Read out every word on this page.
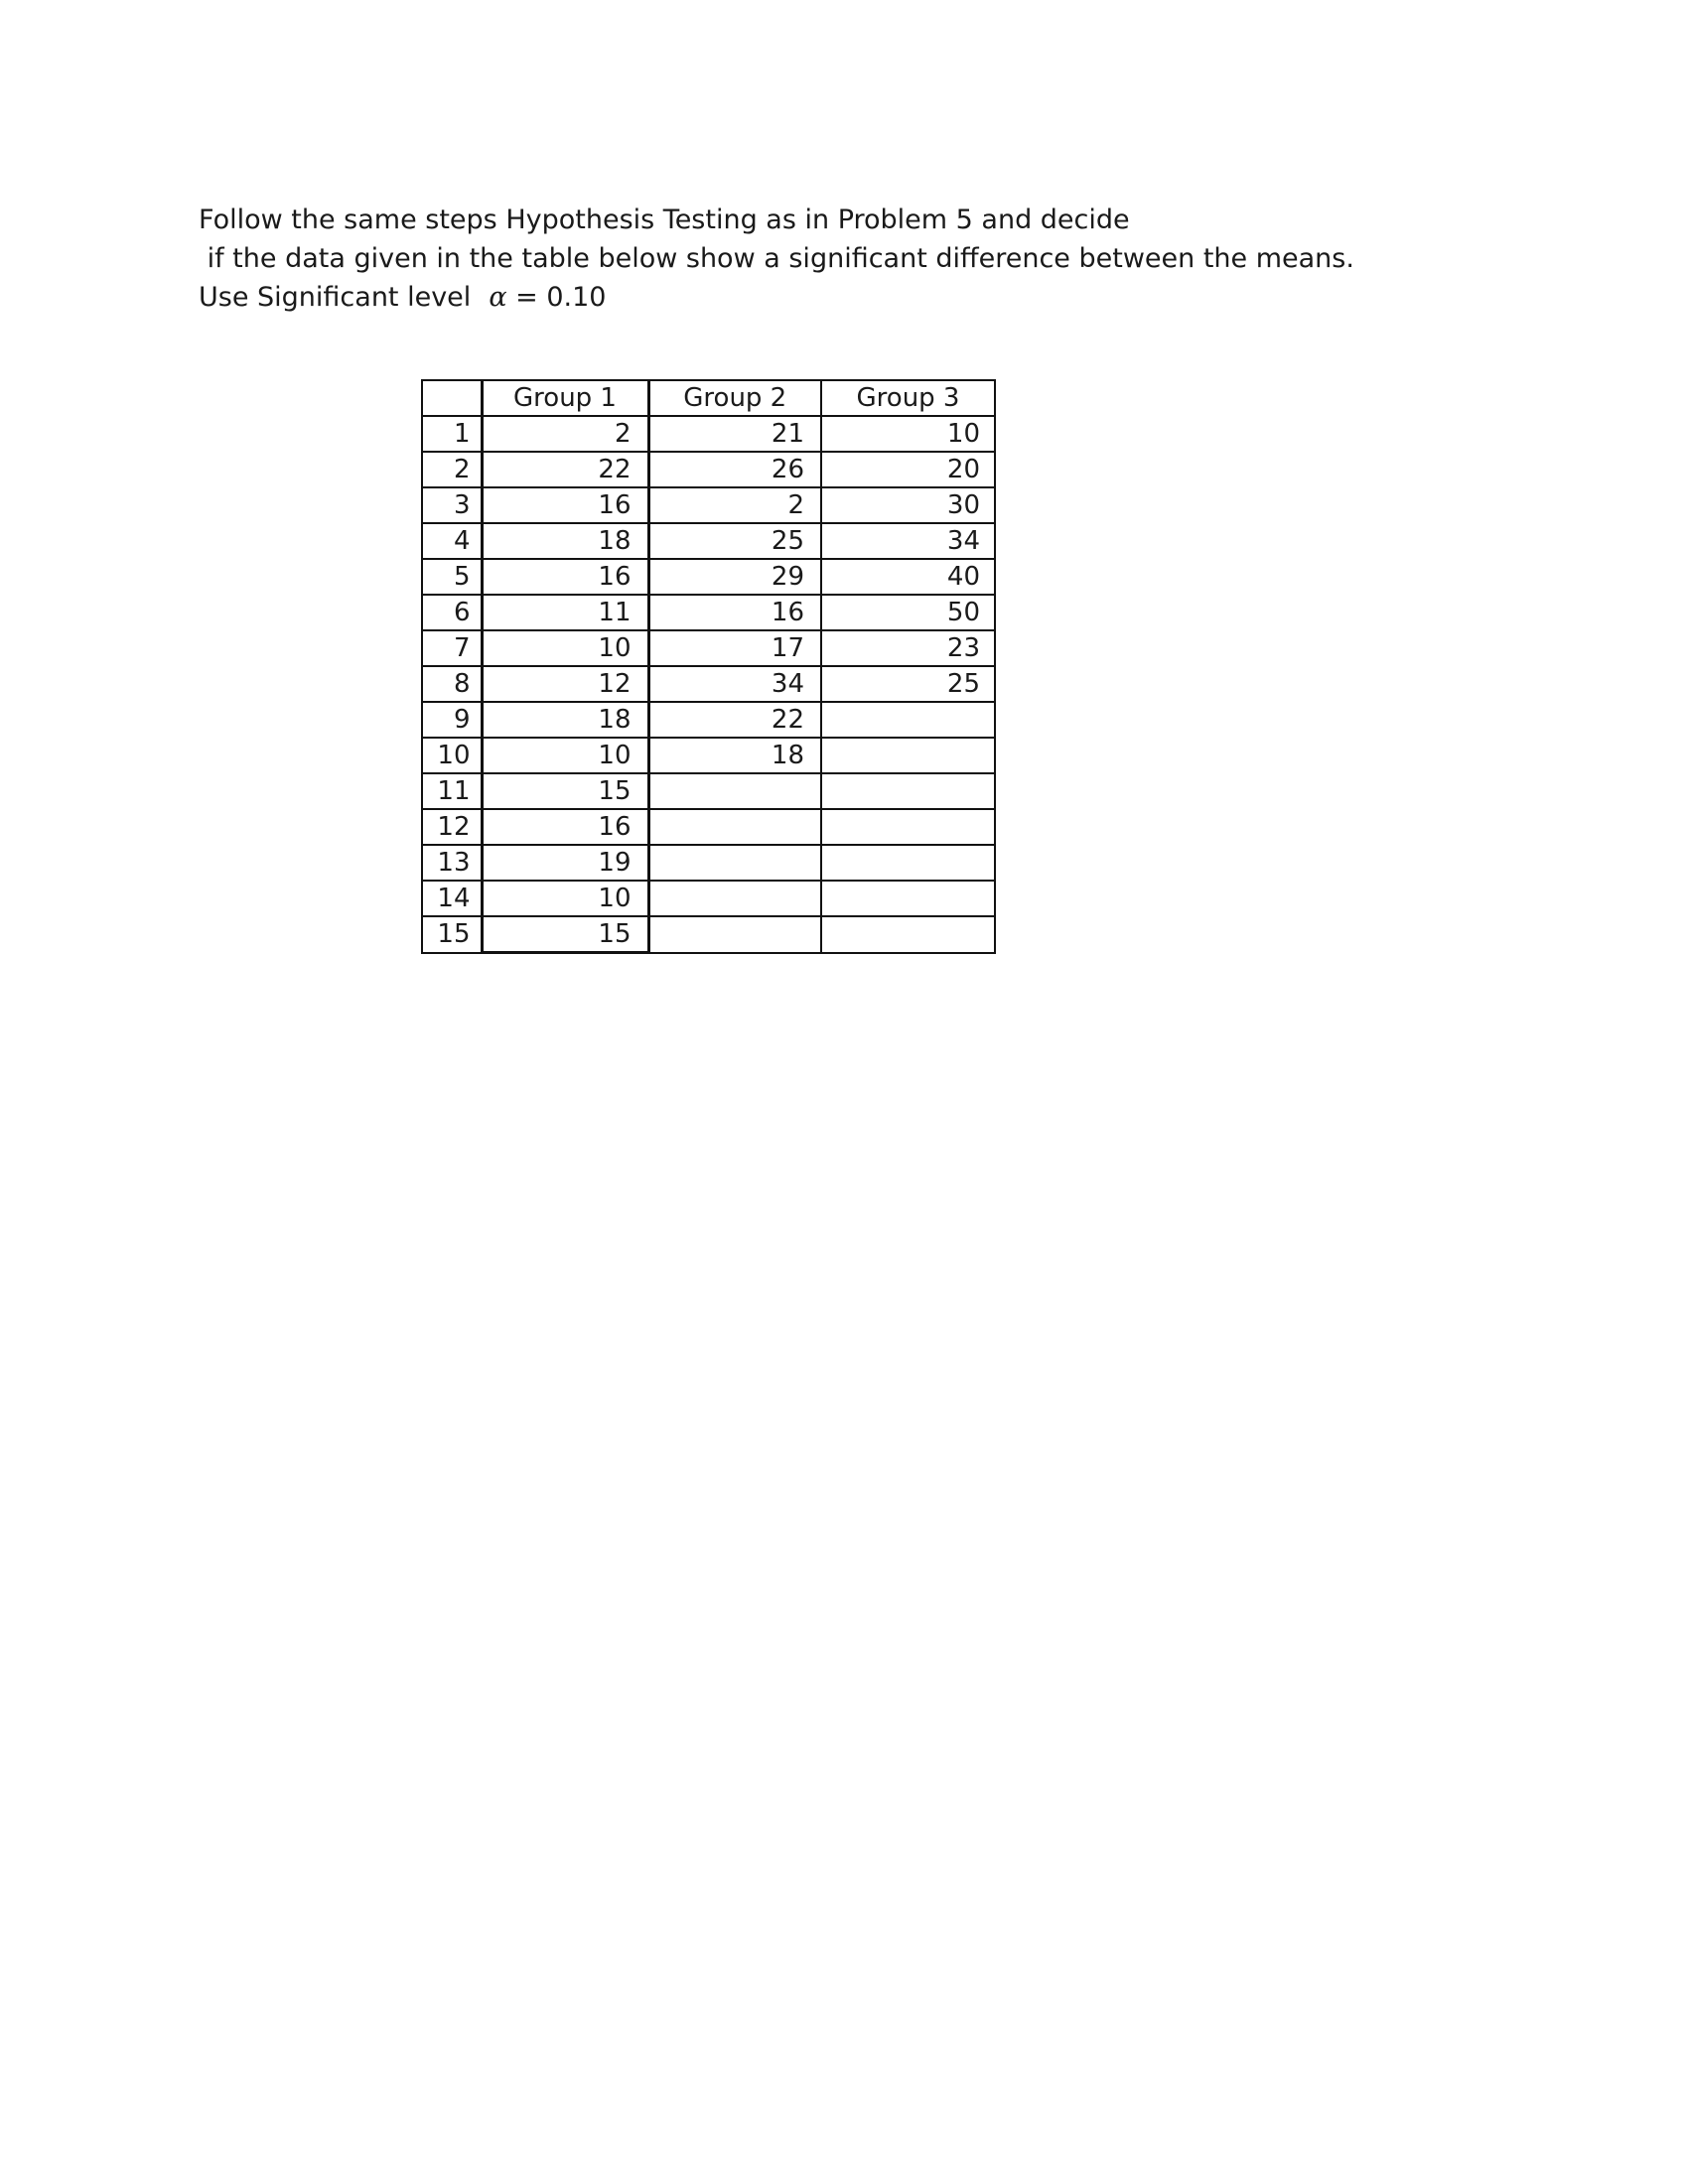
Follow the same steps Hypothesis Testing as in Problem 5 and decide
if the data given in the table below show a significant difference between the means.
Use Significant level α = 0.10
	Group 1	Group 2	Group 3
1	2	21	10
2	22	26	20
3	16	2	30
4	18	25	34
5	16	29	40
6	11	16	50
7	10	17	23
8	12	34	25
9	18	22	
10	10	18	
11	15		
12	16		
13	19		
14	10		
15	15		
